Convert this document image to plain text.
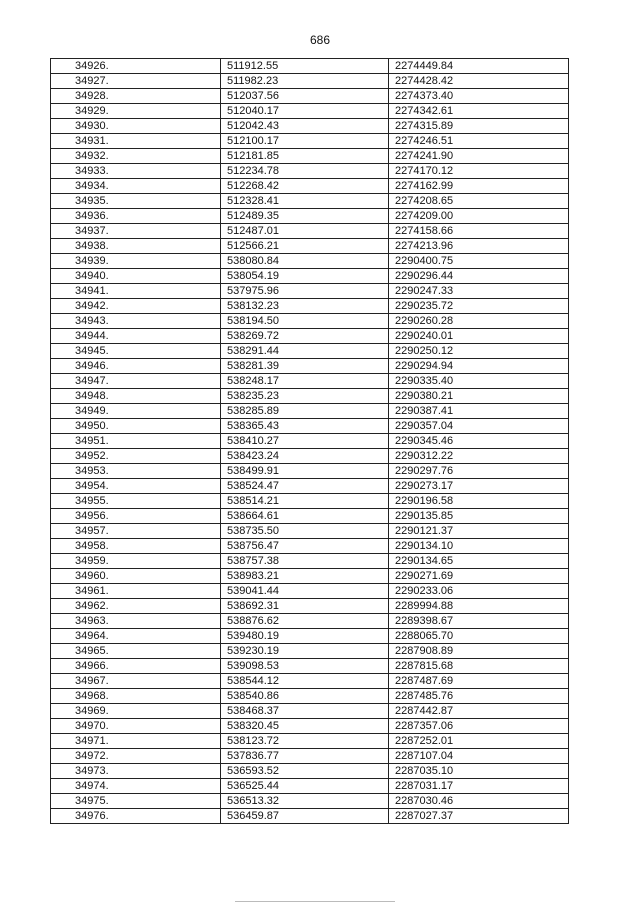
686
34926.	511912.55	2274449.84
34927.	511982.23	2274428.42
34928.	512037.56	2274373.40
34929.	512040.17	2274342.61
34930.	512042.43	2274315.89
34931.	512100.17	2274246.51
34932.	512181.85	2274241.90
34933.	512234.78	2274170.12
34934.	512268.42	2274162.99
34935.	512328.41	2274208.65
34936.	512489.35	2274209.00
34937.	512487.01	2274158.66
34938.	512566.21	2274213.96
34939.	538080.84	2290400.75
34940.	538054.19	2290296.44
34941.	537975.96	2290247.33
34942.	538132.23	2290235.72
34943.	538194.50	2290260.28
34944.	538269.72	2290240.01
34945.	538291.44	2290250.12
34946.	538281.39	2290294.94
34947.	538248.17	2290335.40
34948.	538235.23	2290380.21
34949.	538285.89	2290387.41
34950.	538365.43	2290357.04
34951.	538410.27	2290345.46
34952.	538423.24	2290312.22
34953.	538499.91	2290297.76
34954.	538524.47	2290273.17
34955.	538514.21	2290196.58
34956.	538664.61	2290135.85
34957.	538735.50	2290121.37
34958.	538756.47	2290134.10
34959.	538757.38	2290134.65
34960.	538983.21	2290271.69
34961.	539041.44	2290233.06
34962.	538692.31	2289994.88
34963.	538876.62	2289398.67
34964.	539480.19	2288065.70
34965.	539230.19	2287908.89
34966.	539098.53	2287815.68
34967.	538544.12	2287487.69
34968.	538540.86	2287485.76
34969.	538468.37	2287442.87
34970.	538320.45	2287357.06
34971.	538123.72	2287252.01
34972.	537836.77	2287107.04
34973.	536593.52	2287035.10
34974.	536525.44	2287031.17
34975.	536513.32	2287030.46
34976.	536459.87	2287027.37
